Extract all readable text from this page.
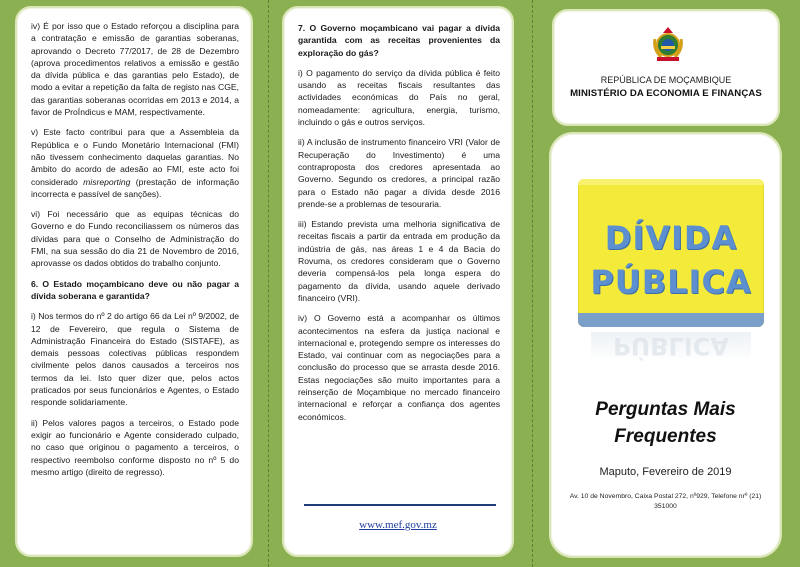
iv) É por isso que o Estado reforçou a disciplina para a contratação e emissão de garantias soberanas, aprovando o Decreto 77/2017, de 28 de Dezembro (aprova procedimentos relativos a emissão e gestão da dívida pública e das garantias pelo Estado), de modo a evitar a repetição da falta de registo nas CGE, das garantias soberanas ocorridas em 2013 e 2014, a favor de ProÍndicus e MAM, respectivamente.

v) Este facto contribui para que a Assembleia da República e o Fundo Monetário Internacional (FMI) não tivessem conhecimento daquelas garantias. No âmbito do acordo de adesão ao FMI, este acto foi considerado misreporting (prestação de informação incorrecta e passível de sanções).

vi) Foi necessário que as equipas técnicas do Governo e do Fundo reconciliassem os números das dívidas para que o Conselho de Administração do FMI, na sua sessão do dia 21 de Novembro de 2016, aprovasse os dados obtidos do trabalho conjunto.

6. O Estado moçambicano deve ou não pagar a dívida soberana e garantida?

i) Nos termos do nº 2 do artigo 66 da Lei nº 9/2002, de 12 de Fevereiro, que regula o Sistema de Administração Financeira do Estado (SISTAFE), as demais pessoas colectivas públicas respondem civilmente pelos danos causados a terceiros nos termos da lei. Isto quer dizer que, pelos actos praticados por seus funcionários e Agentes, o Estado responde solidariamente.

ii) Pelos valores pagos a terceiros, o Estado pode exigir ao funcionário e Agente considerado culpado, no caso que originou o pagamento a terceiros, o respectivo reembolso conforme disposto no nº 5 do mesmo artigo (direito de regresso).

7. O Governo moçambicano vai pagar a dívida garantida com as receitas provenientes da exploração do gás?

i) O pagamento do serviço da dívida pública é feito usando as receitas fiscais resultantes das actividades económicas do País no geral, nomeadamente: agricultura, energia, turismo, incluindo o gás e outros serviços.

ii) A inclusão de instrumento financeiro VRI (Valor de Recuperação do Investimento) é uma contraproposta dos credores apresentada ao Governo. Segundo os credores, a principal razão para o Estado não pagar a dívida desde 2016 prende-se a problemas de tesouraria.

iii) Estando prevista uma melhoria significativa de receitas fiscais a partir da entrada em produção da indústria de gás, nas áreas 1 e 4 da Bacia do Rovuma, os credores consideram que o Governo deveria compensá-los pela longa espera do pagamento da dívida, usando aquele derivado financeiro (VRI).

iv) O Governo está a acompanhar os últimos acontecimentos na esfera da justiça nacional e internacional e, protegendo sempre os interesses do Estado, vai continuar com as negociações para a conclusão do processo que se arrasta desde 2016. Estas negociações são muito importantes para a reinserção de Moçambique no mercado financeiro internacional e reforçar a confiança dos agentes económicos.

www.mef.gov.mz
REPÚBLICA DE MOÇAMBIQUE
MINISTÉRIO DA ECONOMIA E FINANÇAS
DÍVIDA
PÚBLICA
PÚBLICA
Perguntas Mais
Frequentes
Maputo, Fevereiro de 2019
Av. 10 de Novembro, Caixa Postal 272, nº929, Telefone nrº (21) 351000
